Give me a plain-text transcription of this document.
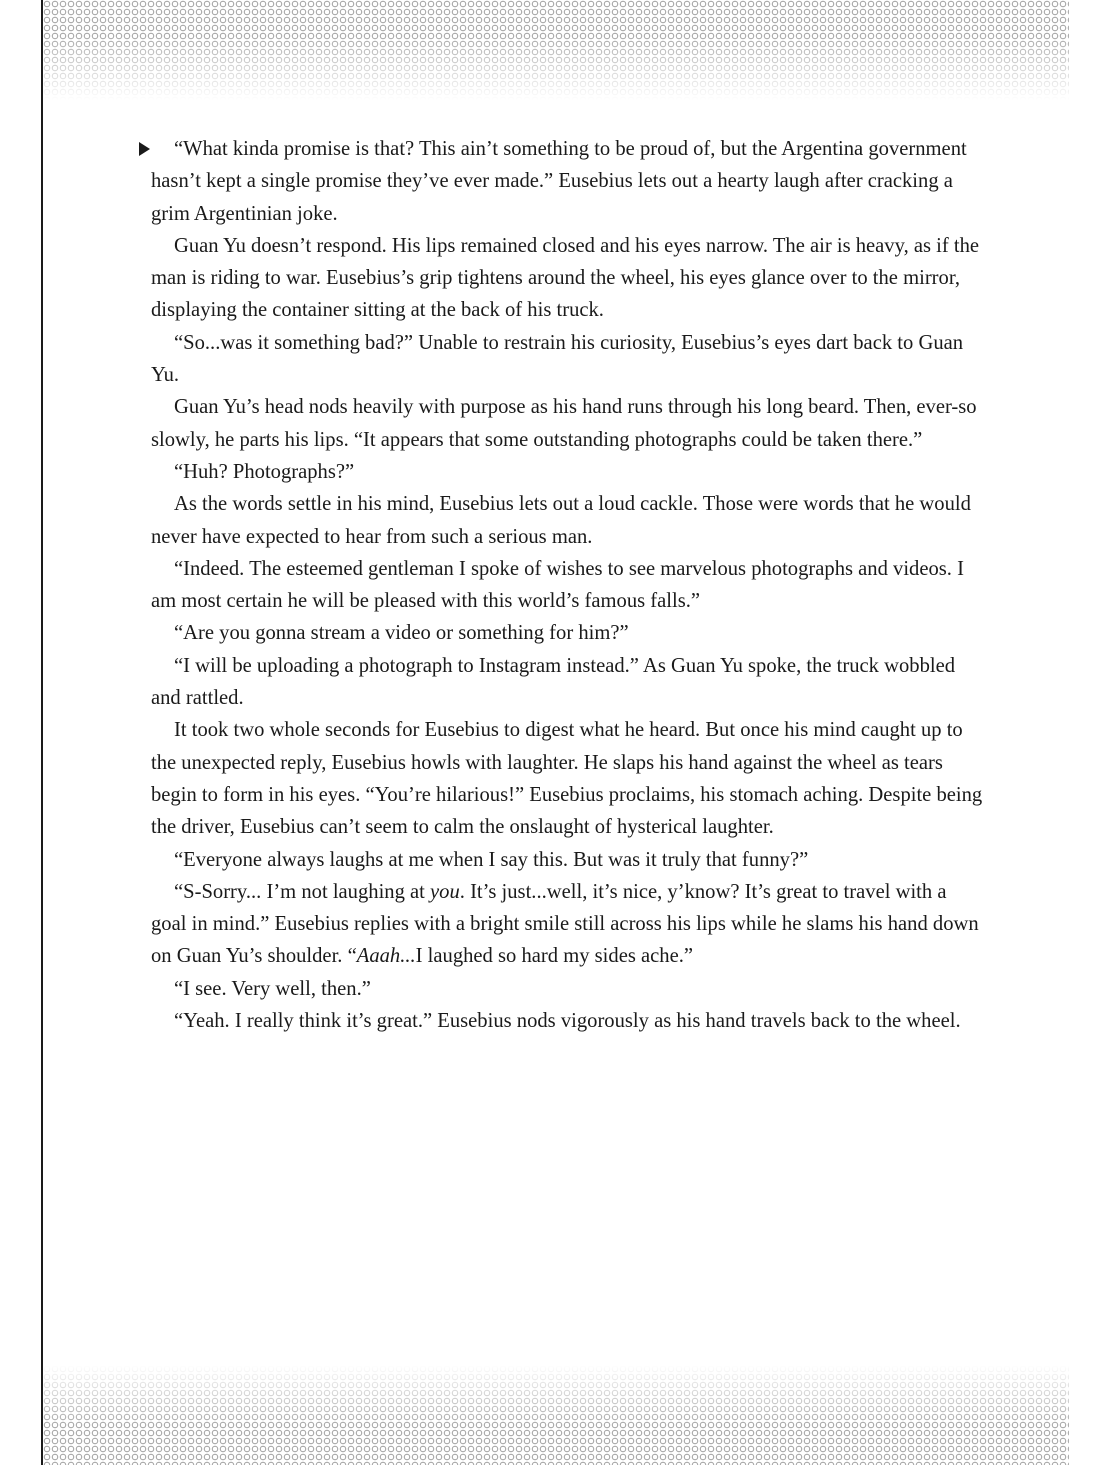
“What kinda promise is that? This ain’t something to be proud of, but the Argentina government hasn’t kept a single promise they’ve ever made.” Eusebius lets out a hearty laugh after cracking a grim Argentinian joke.

Guan Yu doesn’t respond. His lips remained closed and his eyes narrow. The air is heavy, as if the man is riding to war. Eusebius’s grip tightens around the wheel, his eyes glance over to the mirror, displaying the container sitting at the back of his truck.

“So...was it something bad?” Unable to restrain his curiosity, Eusebius’s eyes dart back to Guan Yu.

Guan Yu’s head nods heavily with purpose as his hand runs through his long beard. Then, ever-so slowly, he parts his lips. “It appears that some outstanding photographs could be taken there.”

“Huh? Photographs?”

As the words settle in his mind, Eusebius lets out a loud cackle. Those were words that he would never have expected to hear from such a serious man.

“Indeed. The esteemed gentleman I spoke of wishes to see marvelous photographs and videos. I am most certain he will be pleased with this world’s famous falls.”

“Are you gonna stream a video or something for him?”

“I will be uploading a photograph to Instagram instead.” As Guan Yu spoke, the truck wobbled and rattled.

It took two whole seconds for Eusebius to digest what he heard. But once his mind caught up to the unexpected reply, Eusebius howls with laughter. He slaps his hand against the wheel as tears begin to form in his eyes. “You’re hilarious!” Eusebius proclaims, his stomach aching. Despite being the driver, Eusebius can’t seem to calm the onslaught of hysterical laughter.

“Everyone always laughs at me when I say this. But was it truly that funny?”

“S-Sorry... I’m not laughing at you. It’s just...well, it’s nice, y’know? It’s great to travel with a goal in mind.” Eusebius replies with a bright smile still across his lips while he slams his hand down on Guan Yu’s shoulder. “Aaah...I laughed so hard my sides ache.”

“I see. Very well, then.”

“Yeah. I really think it’s great.” Eusebius nods vigorously as his hand travels back to the wheel.
